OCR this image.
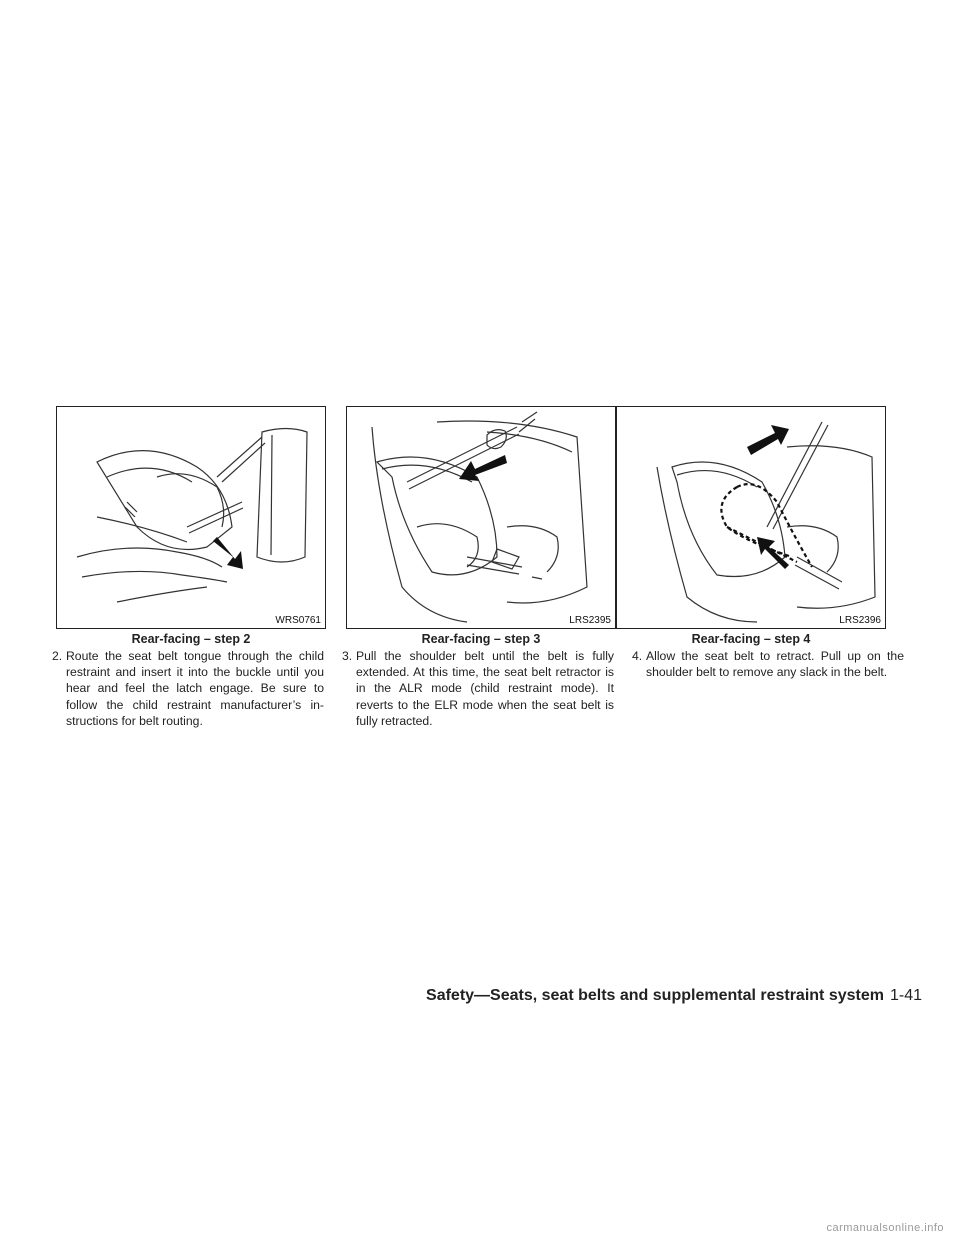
WRS0761
Rear-facing – step 2
2. Route the seat belt tongue through the child restraint and insert it into the buckle until you hear and feel the latch engage. Be sure to follow the child restraint manufacturer’s in-structions for belt routing.
LRS2395
Rear-facing – step 3
3. Pull the shoulder belt until the belt is fully extended. At this time, the seat belt retractor is in the ALR mode (child restraint mode). It reverts to the ELR mode when the seat belt is fully retracted.
LRS2396
Rear-facing – step 4
4. Allow the seat belt to retract. Pull up on the shoulder belt to remove any slack in the belt.
Safety—Seats, seat belts and supplemental restraint system 1-41
carmanualsonline.info
